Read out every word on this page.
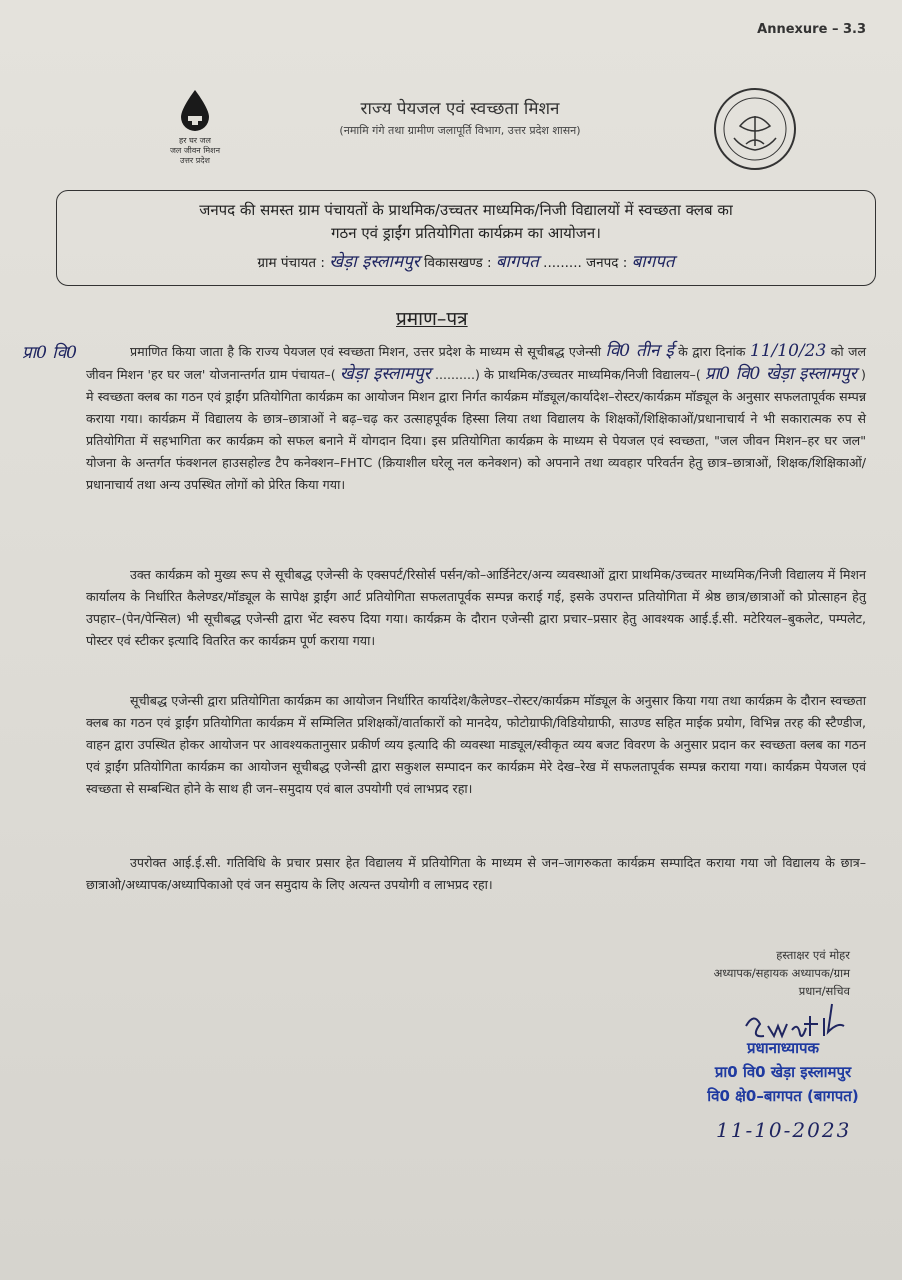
Annexure – 3.3
हर घर जल
जल जीवन मिशन
उत्तर प्रदेश
राज्य पेयजल एवं स्वच्छता मिशन
(नमामि गंगे तथा ग्रामीण जलापूर्ति विभाग, उत्तर प्रदेश शासन)
जनपद की समस्त ग्राम पंचायतों के प्राथमिक/उच्चतर माध्यमिक/निजी विद्यालयों में स्वच्छता क्लब का
गठन एवं ड्राईंग प्रतियोगिता कार्यक्रम का आयोजन।
ग्राम पंचायत : खेड़ा इस्लामपुर विकासखण्ड : बागपत ......... जनपद : बागपत
प्रमाण–पत्र
प्रा0 वि0	प्रमाणित किया जाता है कि राज्य पेयजल एवं स्वच्छता मिशन, उत्तर प्रदेश के माध्यम से सूचीबद्ध एजेन्सी वि0 तीन ई के द्वारा दिनांक 11/10/23 को जल जीवन मिशन 'हर घर जल' योजनान्तर्गत ग्राम पंचायत–( खेड़ा इस्लामपुर ..........) के प्राथमिक/उच्चतर माध्यमिक/निजी विद्यालय–( प्रा0 वि0 खेड़ा इस्लामपुर ) मे स्वच्छता क्लब का गठन एवं ड्राईंग प्रतियोगिता कार्यक्रम का आयोजन मिशन द्वारा निर्गत कार्यक्रम मॉड्यूल/कार्यादेश–रोस्टर/कार्यक्रम मॉड्यूल के अनुसार सफलतापूर्वक सम्पन्न कराया गया। कार्यक्रम में विद्यालय के छात्र–छात्राओं ने बढ़–चढ़ कर उत्साहपूर्वक हिस्सा लिया तथा विद्यालय के शिक्षकों/शिक्षिकाओं/प्रधानाचार्य ने भी सकारात्मक रुप से प्रतियोगिता में सहभागिता कर कार्यक्रम को सफल बनाने में योगदान दिया। इस प्रतियोगिता कार्यक्रम के माध्यम से पेयजल एवं स्वच्छता, "जल जीवन मिशन–हर घर जल" योजना के अन्तर्गत फंक्शनल हाउसहोल्ड टैप कनेक्शन–FHTC (क्रियाशील घरेलू नल कनेक्शन) को अपनाने तथा व्यवहार परिवर्तन हेतु छात्र–छात्राओं, शिक्षक/शिक्षिकाओं/प्रधानाचार्य तथा अन्य उपस्थित लोगों को प्रेरित किया गया।
उक्त कार्यक्रम को मुख्य रूप से सूचीबद्ध एजेन्सी के एक्सपर्ट/रिसोर्स पर्सन/को–आर्डिनेटर/अन्य व्यवस्थाओं द्वारा प्राथमिक/उच्चतर माध्यमिक/निजी विद्यालय में मिशन कार्यालय के निर्धारित कैलेण्डर/मॉड्यूल के सापेक्ष ड्राईंग आर्ट प्रतियोगिता सफलतापूर्वक सम्पन्न कराई गई, इसके उपरान्त प्रतियोगिता में श्रेष्ठ छात्र/छात्राओं को प्रोत्साहन हेतु उपहार–(पेन/पेन्सिल) भी सूचीबद्ध एजेन्सी द्वारा भेंट स्वरुप दिया गया। कार्यक्रम के दौरान एजेन्सी द्वारा प्रचार–प्रसार हेतु आवश्यक आई.ई.सी. मटेरियल–बुकलेट, पम्पलेट, पोस्टर एवं स्टीकर इत्यादि वितरित कर कार्यक्रम पूर्ण कराया गया।
सूचीबद्ध एजेन्सी द्वारा प्रतियोगिता कार्यक्रम का आयोजन निर्धारित कार्यादेश/कैलेण्डर–रोस्टर/कार्यक्रम मॉड्यूल के अनुसार किया गया तथा कार्यक्रम के दौरान स्वच्छता क्लब का गठन एवं ड्राईंग प्रतियोगिता कार्यक्रम में सम्मिलित प्रशिक्षकों/वार्ताकारों को मानदेय, फोटोग्राफी/विडियोग्राफी, साउण्ड सहित माईक प्रयोग, विभिन्न तरह की स्टैण्डीज, वाहन द्वारा उपस्थित होकर आयोजन पर आवश्यकतानुसार प्रकीर्ण व्यय इत्यादि की व्यवस्था माड्यूल/स्वीकृत व्यय बजट विवरण के अनुसार प्रदान कर स्वच्छता क्लब का गठन एवं ड्राईंग प्रतियोगिता कार्यक्रम का आयोजन सूचीबद्ध एजेन्सी द्वारा सकुशल सम्पादन कर कार्यक्रम मेरे देख–रेख में सफलतापूर्वक सम्पन्न कराया गया। कार्यक्रम पेयजल एवं स्वच्छता से सम्बन्धित होने के साथ ही जन–समुदाय एवं बाल उपयोगी एवं लाभप्रद रहा।
उपरोक्त आई.ई.सी. गतिविधि के प्रचार प्रसार हेत विद्यालय में प्रतियोगिता के माध्यम से जन–जागरुकता कार्यक्रम सम्पादित कराया गया जो विद्यालय के छात्र–छात्राओ/अध्यापक/अध्यापिकाओ एवं जन समुदाय के लिए अत्यन्त उपयोगी व लाभप्रद रहा।
हस्ताक्षर एवं मोहर
अध्यापक/सहायक अध्यापक/ग्राम
प्रधान/सचिव
प्रधानाध्यापक
प्रा0 वि0 खेड़ा इस्लामपुर
वि0 क्षे0–बागपत (बागपत)
11-10-2023
